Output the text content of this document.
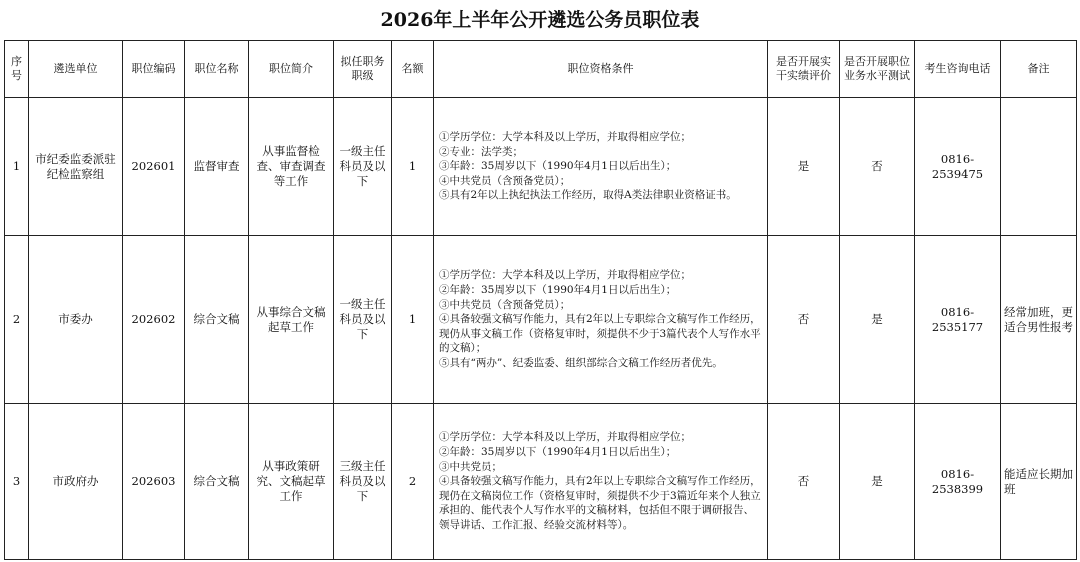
2026年上半年公开遴选公务员职位表
序号	遴选单位	职位编码	职位名称	职位简介	拟任职务职级	名额	职位资格条件	是否开展实干实绩评价	是否开展职位业务水平测试	考生咨询电话	备注
1	市纪委监委派驻纪检监察组	202601	监督审查	从事监督检查、审查调查等工作	一级主任科员及以下	1	①学历学位：大学本科及以上学历，并取得相应学位；
②专业：法学类；
③年龄：35周岁以下（1990年4月1日以后出生）；
④中共党员（含预备党员）；
⑤具有2年以上执纪执法工作经历，取得A类法律职业资格证书。	是	否	0816-2539475	
2	市委办	202602	综合文稿	从事综合文稿起草工作	一级主任科员及以下	1	①学历学位：大学本科及以上学历，并取得相应学位；
②年龄：35周岁以下（1990年4月1日以后出生）；
③中共党员（含预备党员）；
④具备较强文稿写作能力，具有2年以上专职综合文稿写作工作经历，现仍从事文稿工作（资格复审时，须提供不少于3篇代表个人写作水平的文稿）；
⑤具有“两办”、纪委监委、组织部综合文稿工作经历者优先。	否	是	0816-2535177	经常加班，更适合男性报考
3	市政府办	202603	综合文稿	从事政策研究、文稿起草工作	三级主任科员及以下	2	①学历学位：大学本科及以上学历，并取得相应学位；
②年龄：35周岁以下（1990年4月1日以后出生）；
③中共党员；
④具备较强文稿写作能力，具有2年以上专职综合文稿写作工作经历，现仍在文稿岗位工作（资格复审时，须提供不少于3篇近年来个人独立承担的、能代表个人写作水平的文稿材料，包括但不限于调研报告、领导讲话、工作汇报、经验交流材料等）。	否	是	0816-2538399	能适应长期加班
